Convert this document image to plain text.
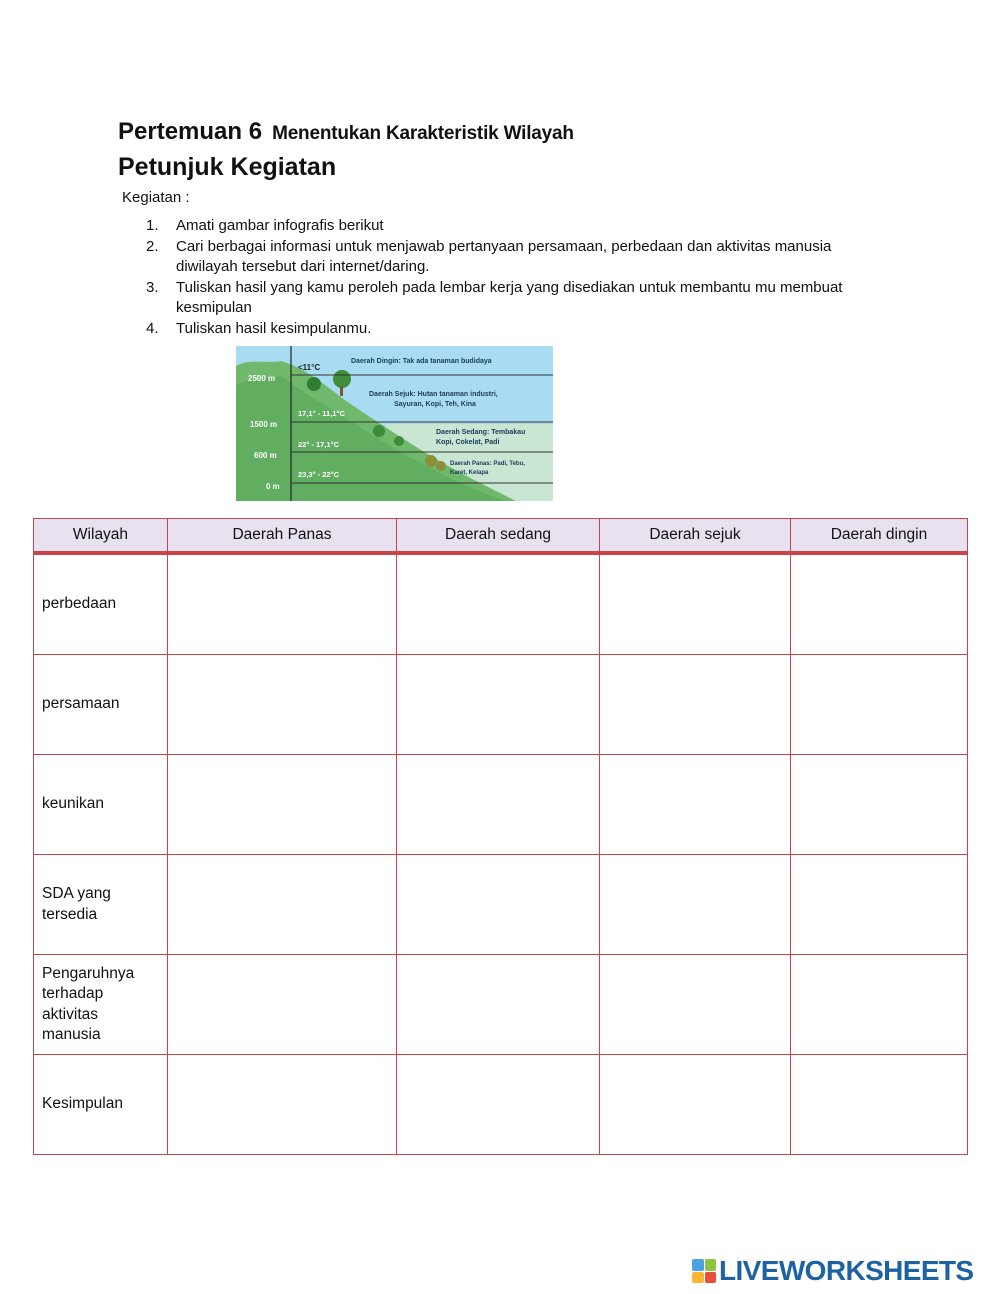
Pertemuan 6 Menentukan Karakteristik Wilayah
Petunjuk Kegiatan
Kegiatan :
1. Amati gambar infografis berikut
2. Cari berbagai informasi untuk menjawab pertanyaan persamaan, perbedaan dan aktivitas manusia diwilayah tersebut dari internet/daring.
3. Tuliskan hasil yang kamu peroleh pada lembar kerja yang disediakan untuk membantu mu membuat kesmipulan
4. Tuliskan hasil kesimpulanmu.
2500 m
1500 m
600 m
0 m
<11°C
17,1° - 11,1°C
22° - 17,1°C
23,3° - 22°C
Daerah Dingin: Tak ada tanaman budidaya
Daerah Sejuk: Hutan tanaman industri,
Sayuran, Kopi, Teh, Kina
Daerah Sedang: Tembakau
Kopi, Cokelat, Padi
Daerah Panas: Padi, Tebu,
Karet, Kelapa
Wilayah	Daerah Panas	Daerah sedang	Daerah sejuk	Daerah dingin
perbedaan				
persamaan				
keunikan				
SDA yang tersedia				
Pengaruhnya terhadap aktivitas manusia				
Kesimpulan				
LIVEWORKSHEETS
